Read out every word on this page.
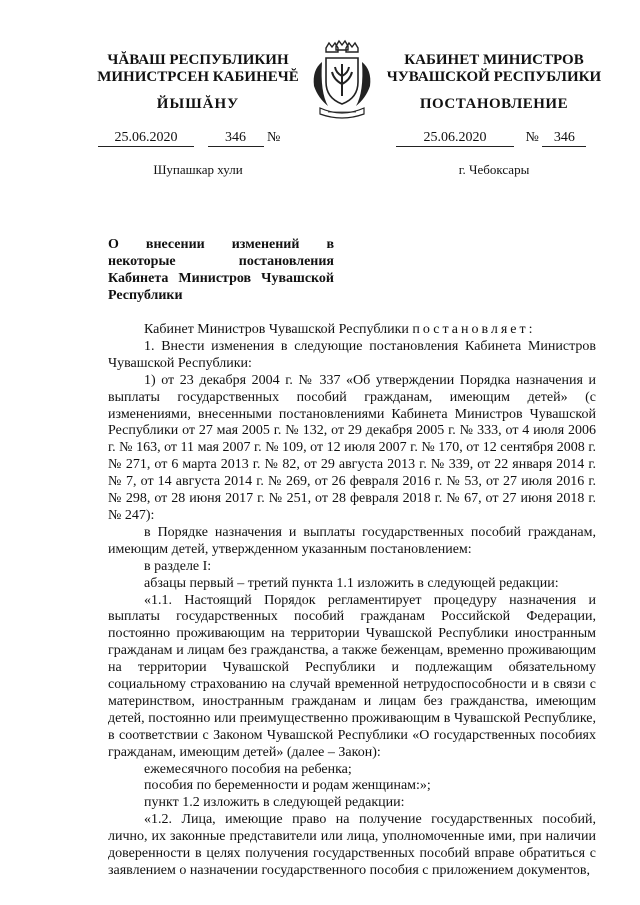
ЧĂВАШ РЕСПУБЛИКИН
МИНИСТРСЕН КАБИНЕЧĔ
ЙЫШĂНУ
КАБИНЕТ МИНИСТРОВ
ЧУВАШСКОЙ РЕСПУБЛИКИ
ПОСТАНОВЛЕНИЕ
25.06.2020	346 №	25.06.2020	№ 346
Шупашкар хули	г. Чебоксары
О внесении изменений в некоторые постановления Кабинета Министров Чувашской Республики

Кабинет Министров Чувашской Республики постановляет:

1. Внести изменения в следующие постановления Кабинета Министров Чувашской Республики:

1) от 23 декабря 2004 г. № 337 «Об утверждении Порядка назначения и выплаты государственных пособий гражданам, имеющим детей» (с изменениями, внесенными постановлениями Кабинета Министров Чувашской Республики от 27 мая 2005 г. № 132, от 29 декабря 2005 г. № 333, от 4 июля 2006 г. № 163, от 11 мая 2007 г. № 109, от 12 июля 2007 г. № 170, от 12 сентября 2008 г. № 271, от 6 марта 2013 г. № 82, от 29 августа 2013 г. № 339, от 22 января 2014 г. № 7, от 14 августа 2014 г. № 269, от 26 февраля 2016 г. № 53, от 27 июля 2016 г. № 298, от 28 июня 2017 г. № 251, от 28 февраля 2018 г. № 67, от 27 июня 2018 г. № 247):

в Порядке назначения и выплаты государственных пособий гражданам, имеющим детей, утвержденном указанным постановлением:

в разделе I:

абзацы первый – третий пункта 1.1 изложить в следующей редакции:

«1.1. Настоящий Порядок регламентирует процедуру назначения и выплаты государственных пособий гражданам Российской Федерации, постоянно проживающим на территории Чувашской Республики иностранным гражданам и лицам без гражданства, а также беженцам, временно проживающим на территории Чувашской Республики и подлежащим обязательному социальному страхованию на случай временной нетрудоспособности и в связи с материнством, иностранным гражданам и лицам без гражданства, имеющим детей, постоянно или преимущественно проживающим в Чувашской Республике, в соответствии с Законом Чувашской Республики «О государственных пособиях гражданам, имеющим детей» (далее – Закон):

ежемесячного пособия на ребенка;

пособия по беременности и родам женщинам:»;

пункт 1.2 изложить в следующей редакции:

«1.2. Лица, имеющие право на получение государственных пособий, лично, их законные представители или лица, уполномоченные ими, при наличии доверенности в целях получения государственных пособий вправе обратиться с заявлением о назначении государственного пособия с приложением документов,
